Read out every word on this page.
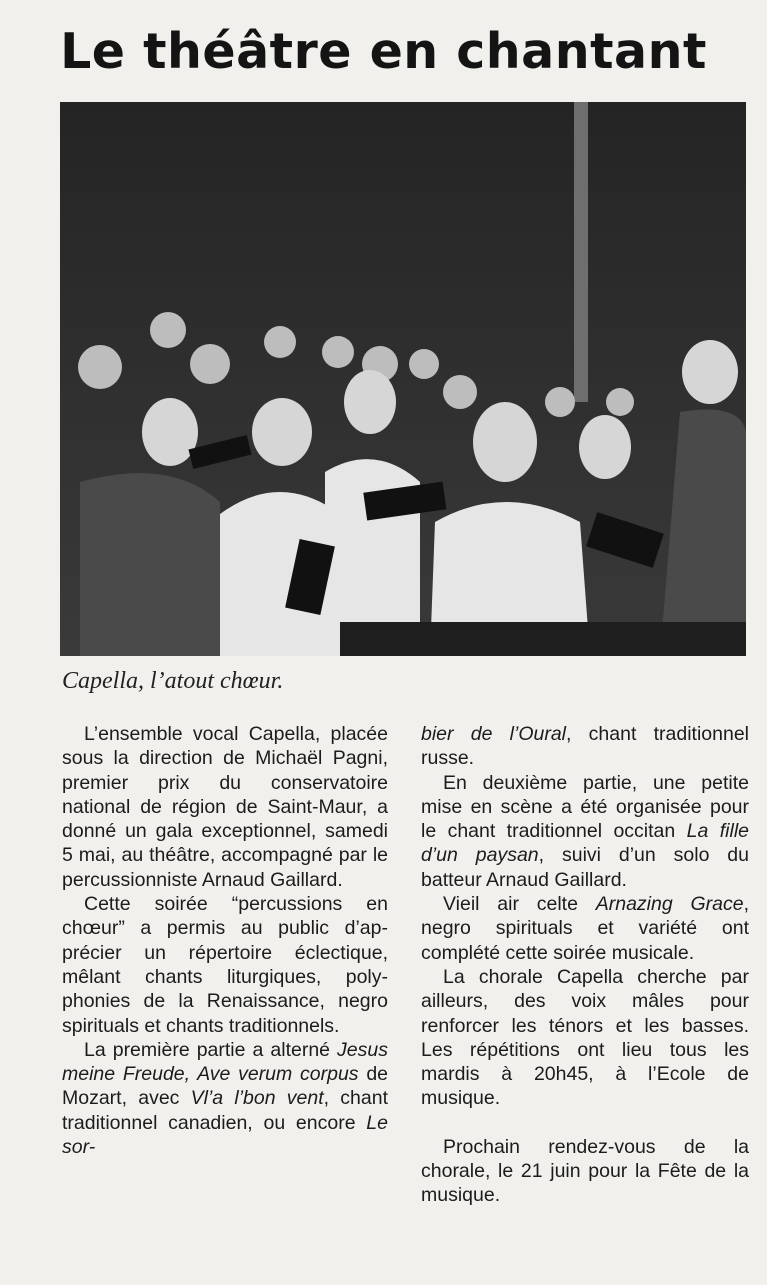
Le théâtre en chantant

Capella, l’atout chœur.

L’ensemble vocal Capella, placée sous la direction de Michaël Pagni, premier prix du conservatoire national de région de Saint-Maur, a donné un gala exceptionnel, samedi 5 mai, au théâtre, accompagné par le percussionniste Arnaud Gaillard.

Cette soirée “percussions en chœur” a permis au public d’apprécier un répertoire éclectique, mêlant chants liturgiques, polyphonies de la Renaissance, negro spirituals et chants traditionnels.

La première partie a alterné Jesus meine Freude, Ave verum corpus de Mozart, avec Vl’a l’bon vent, chant traditionnel canadien, ou encore Le sor-

bier de l’Oural, chant traditionnel russe.

En deuxième partie, une petite mise en scène a été organisée pour le chant traditionnel occitan La fille d’un paysan, suivi d’un solo du batteur Arnaud Gaillard.

Vieil air celte Arnazing Grace, negro spirituals et variété ont complété cette soirée musicale.

La chorale Capella cherche par ailleurs, des voix mâles pour renforcer les ténors et les basses. Les répétitions ont lieu tous les mardis à 20h45, à l’Ecole de musique.

Prochain rendez-vous de la chorale, le 21 juin pour la Fête de la musique.
